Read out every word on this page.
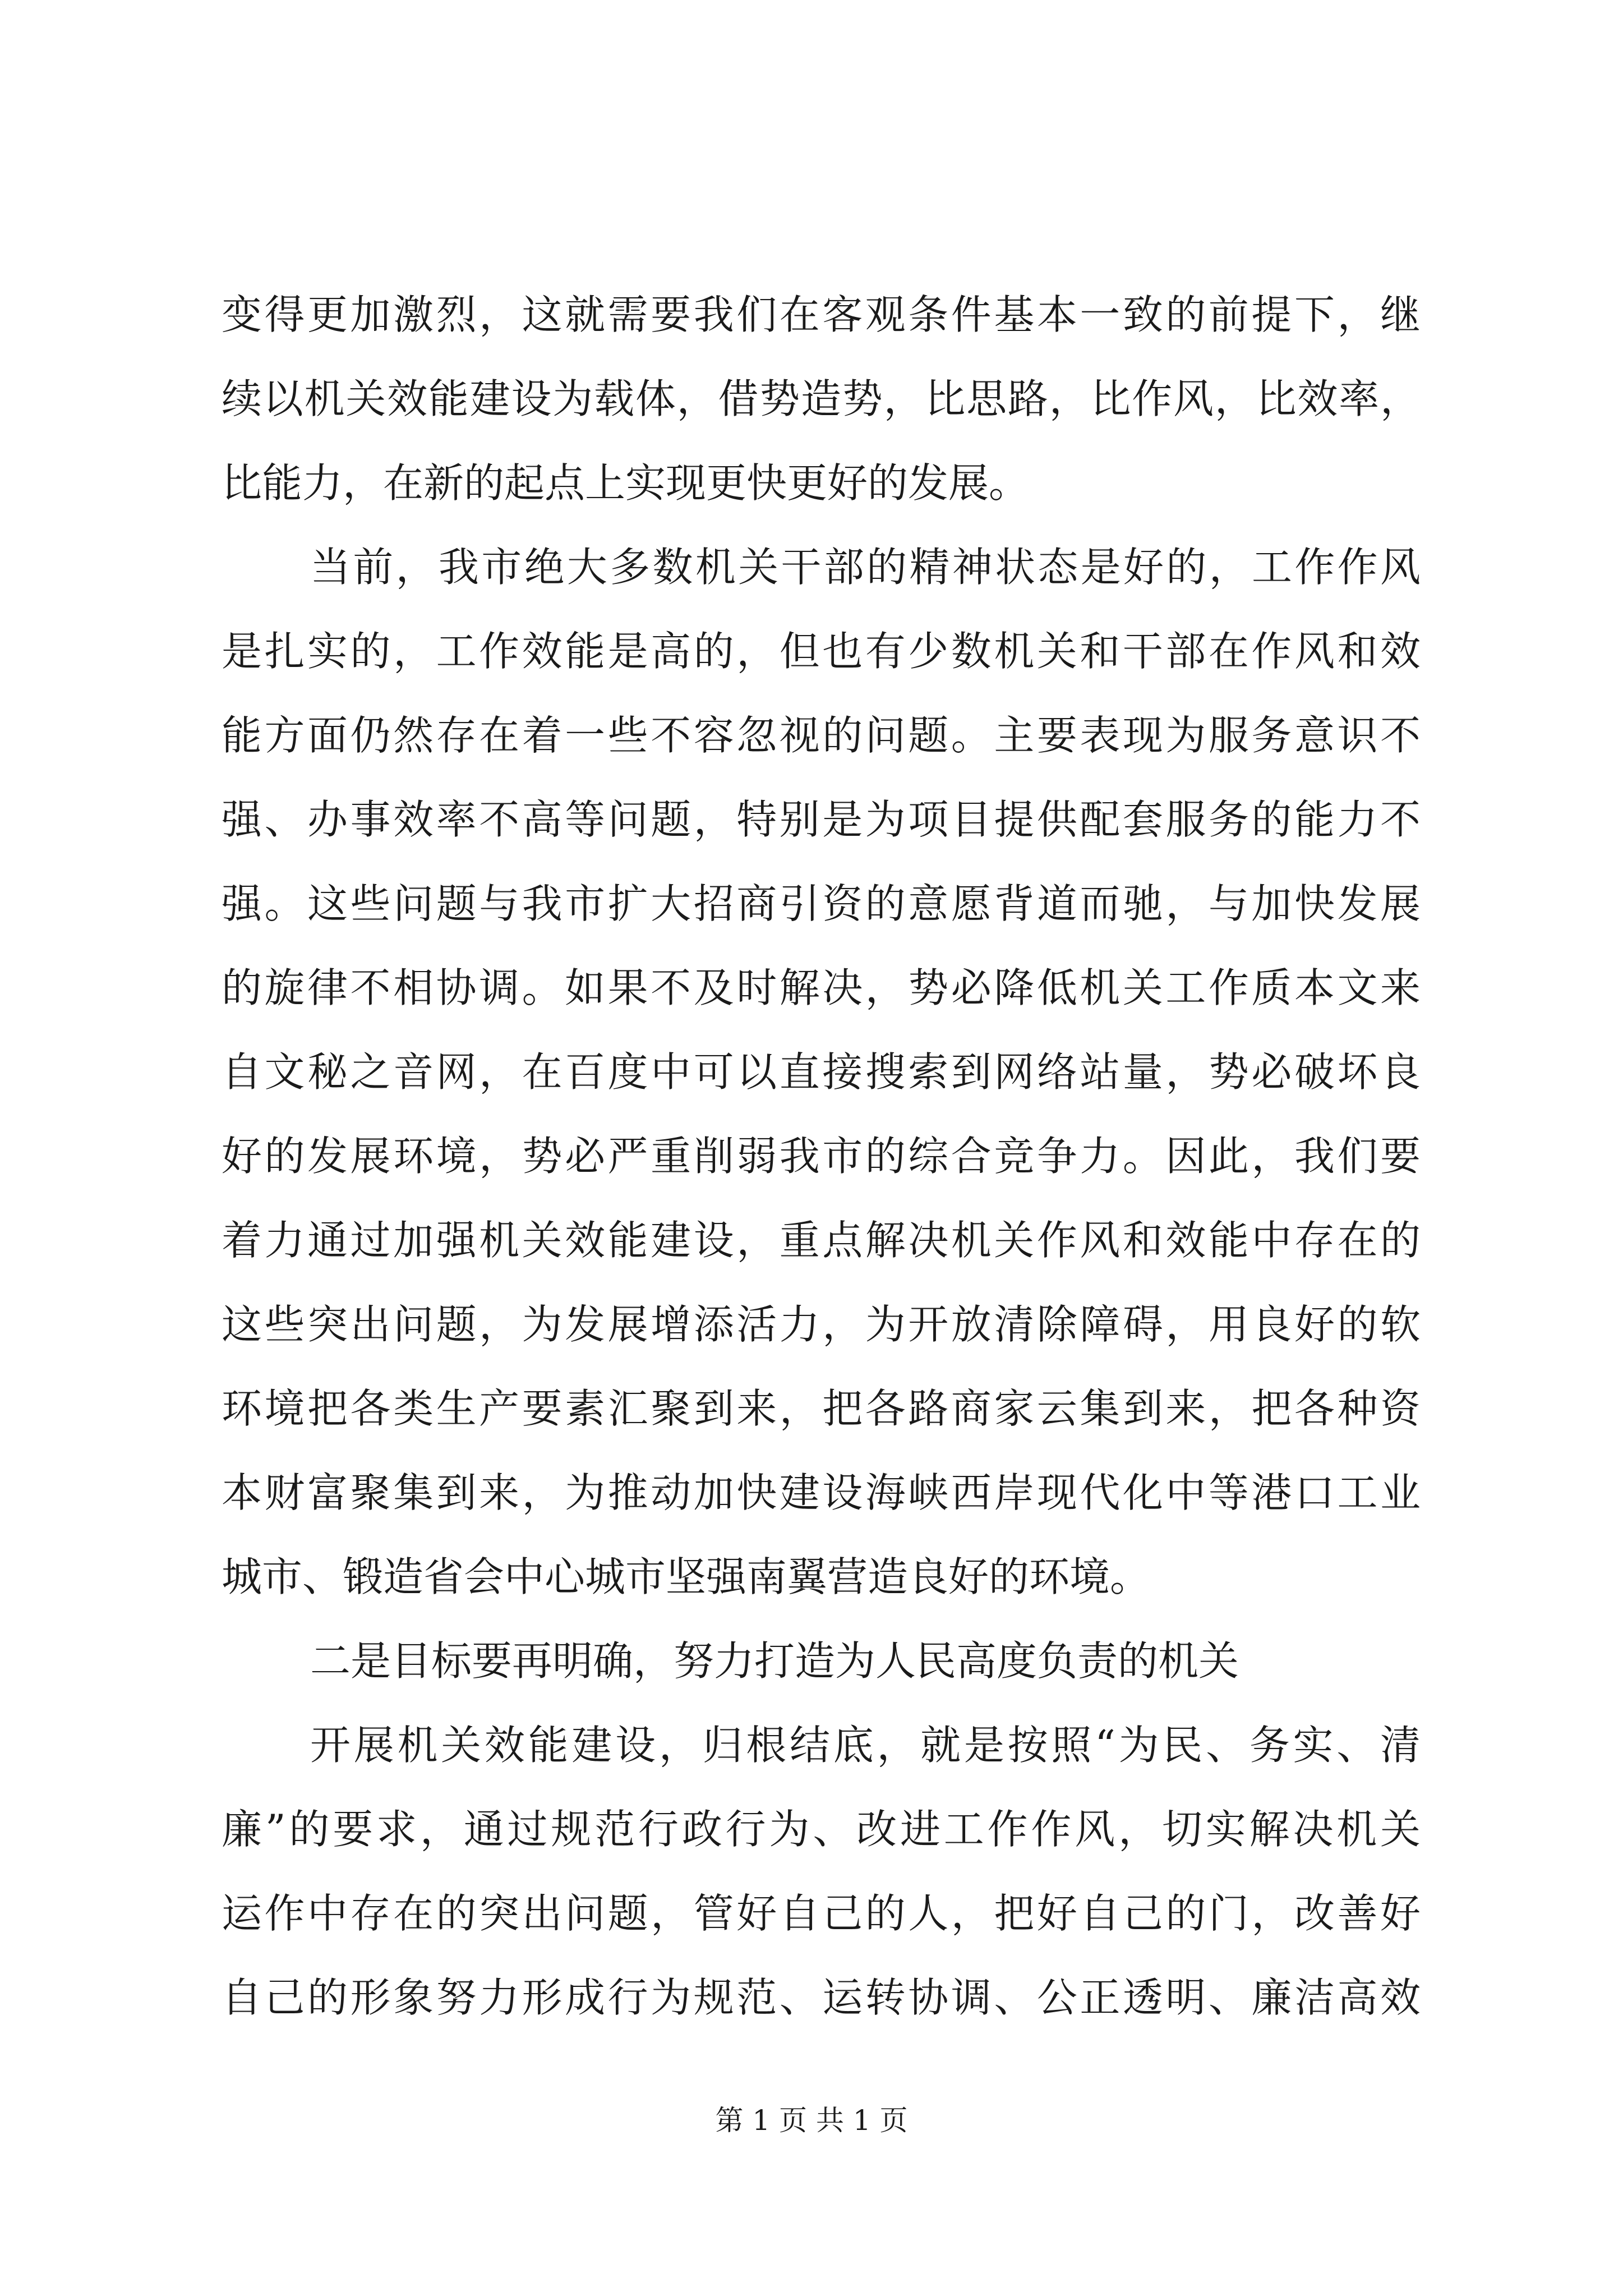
变得更加激烈，这就需要我们在客观条件基本一致的前提下，继
续以机关效能建设为载体，借势造势，比思路，比作风，比效率，
比能力，在新的起点上实现更快更好的发展。
当前，我市绝大多数机关干部的精神状态是好的，工作作风
是扎实的，工作效能是高的，但也有少数机关和干部在作风和效
能方面仍然存在着一些不容忽视的问题。主要表现为服务意识不
强、办事效率不高等问题，特别是为项目提供配套服务的能力不
强。这些问题与我市扩大招商引资的意愿背道而驰，与加快发展
的旋律不相协调。如果不及时解决，势必降低机关工作质本文来
自文秘之音网，在百度中可以直接搜索到网络站量，势必破坏良
好的发展环境，势必严重削弱我市的综合竞争力。因此，我们要
着力通过加强机关效能建设，重点解决机关作风和效能中存在的
这些突出问题，为发展增添活力，为开放清除障碍，用良好的软
环境把各类生产要素汇聚到来，把各路商家云集到来，把各种资
本财富聚集到来，为推动加快建设海峡西岸现代化中等港口工业
城市、锻造省会中心城市坚强南翼营造良好的环境。
二是目标要再明确，努力打造为人民高度负责的机关
开展机关效能建设，归根结底，就是按照“为民、务实、清
廉”的要求，通过规范行政行为、改进工作作风，切实解决机关
运作中存在的突出问题，管好自己的人，把好自己的门，改善好
自己的形象努力形成行为规范、运转协调、公正透明、廉洁高效
第 1 页 共 1 页
